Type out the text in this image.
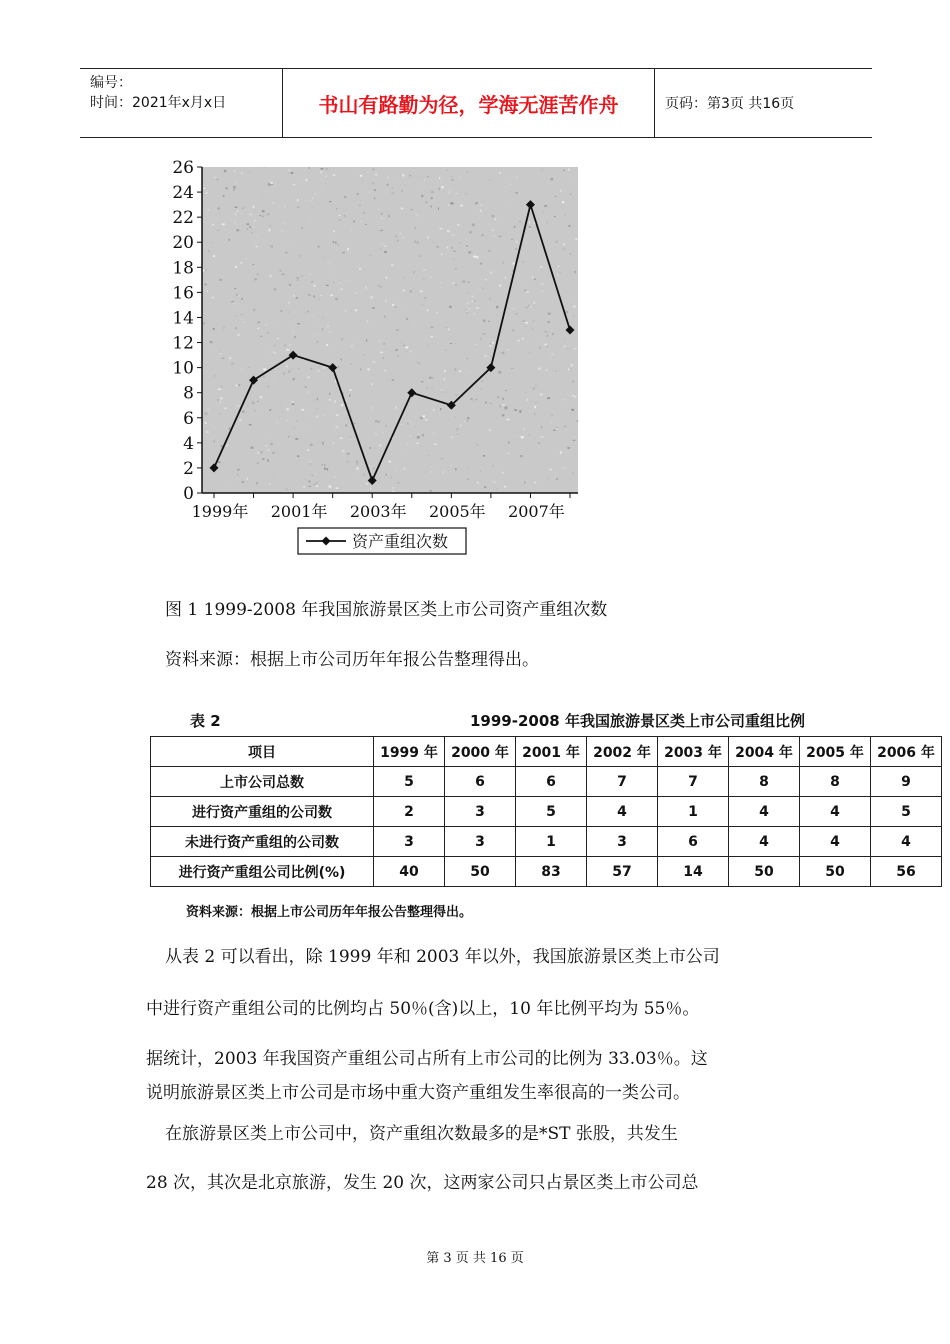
编号：
时间：2021年x月x日	书山有路勤为径，学海无涯苦作舟	页码：第3页 共16页
0
2
4
6
8
10
12
14
16
18
20
22
24
26
1999年 2001年 2003年 2005年 2007年
资产重组次数
图 1 1999-2008 年我国旅游景区类上市公司资产重组次数
资料来源：根据上市公司历年年报公告整理得出。
表 2	1999-2008 年我国旅游景区类上市公司重组比例
项目	1999 年	2000 年	2001 年	2002 年	2003 年	2004 年	2005 年	2006 年
上市公司总数	5	6	6	7	7	8	8	9
进行资产重组的公司数	2	3	5	4	1	4	4	5
未进行资产重组的公司数	3	3	1	3	6	4	4	4
进行资产重组公司比例(%)	40	50	83	57	14	50	50	56
资料来源：根据上市公司历年年报公告整理得出。
从表 2 可以看出，除 1999 年和 2003 年以外，我国旅游景区类上市公司
中进行资产重组公司的比例均占 50％(含)以上，10 年比例平均为 55％。
据统计，2003 年我国资产重组公司占所有上市公司的比例为 33.03％。这
说明旅游景区类上市公司是市场中重大资产重组发生率很高的一类公司。
在旅游景区类上市公司中，资产重组次数最多的是*ST 张股，共发生
28 次，其次是北京旅游，发生 20 次，这两家公司只占景区类上市公司总
第 3 页 共 16 页
